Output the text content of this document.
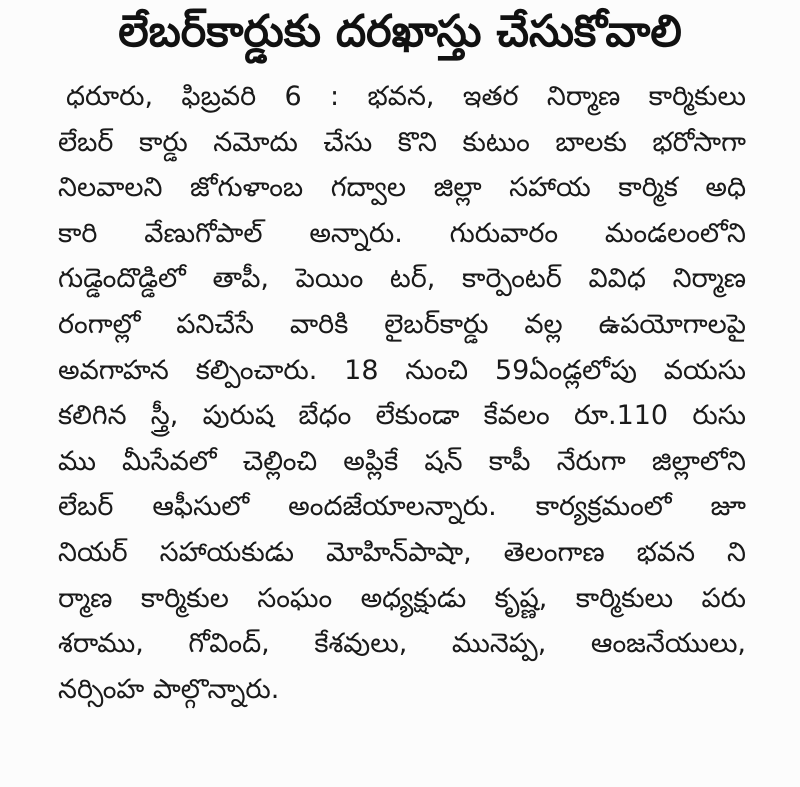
లేబర్‌కార్డుకు దరఖాస్తు చేసుకోవాలి
ధరూరు, ఫిబ్రవరి 6 : భవన, ఇతర నిర్మాణ కార్మికులు
లేబర్ కార్డు నమోదు చేసు కొని కుటుం బాలకు భరోసాగా
నిలవాలని జోగుళాంబ గద్వాల జిల్లా సహాయ కార్మిక అధి
కారి వేణుగోపాల్ అన్నారు. గురువారం మండలంలోని
గుడ్డెందొడ్డిలో తాపీ, పెయిం టర్, కార్పెంటర్ వివిధ నిర్మాణ
రంగాల్లో పనిచేసే వారికి లైబర్‌కార్డు వల్ల ఉపయోగాలపై
అవగాహన కల్పించారు. 18 నుంచి 59ఏండ్లలోపు వయసు
కలిగిన స్త్రీ, పురుష బేధం లేకుండా కేవలం రూ.110 రుసు
ము మీసేవలో చెల్లించి అప్లికే షన్ కాపీ నేరుగా జిల్లాలోని
లేబర్ ఆఫీసులో అందజేయాలన్నారు. కార్యక్రమంలో జూ
నియర్ సహాయకుడు మోహిన్‌పాషా, తెలంగాణ భవన ని
ర్మాణ కార్మికుల సంఘం అధ్యక్షుడు కృష్ణ, కార్మికులు పరు
శరాము, గోవింద్, కేశవులు, మునెప్ప, ఆంజనేయులు,
నర్సింహ పాల్గొన్నారు.
